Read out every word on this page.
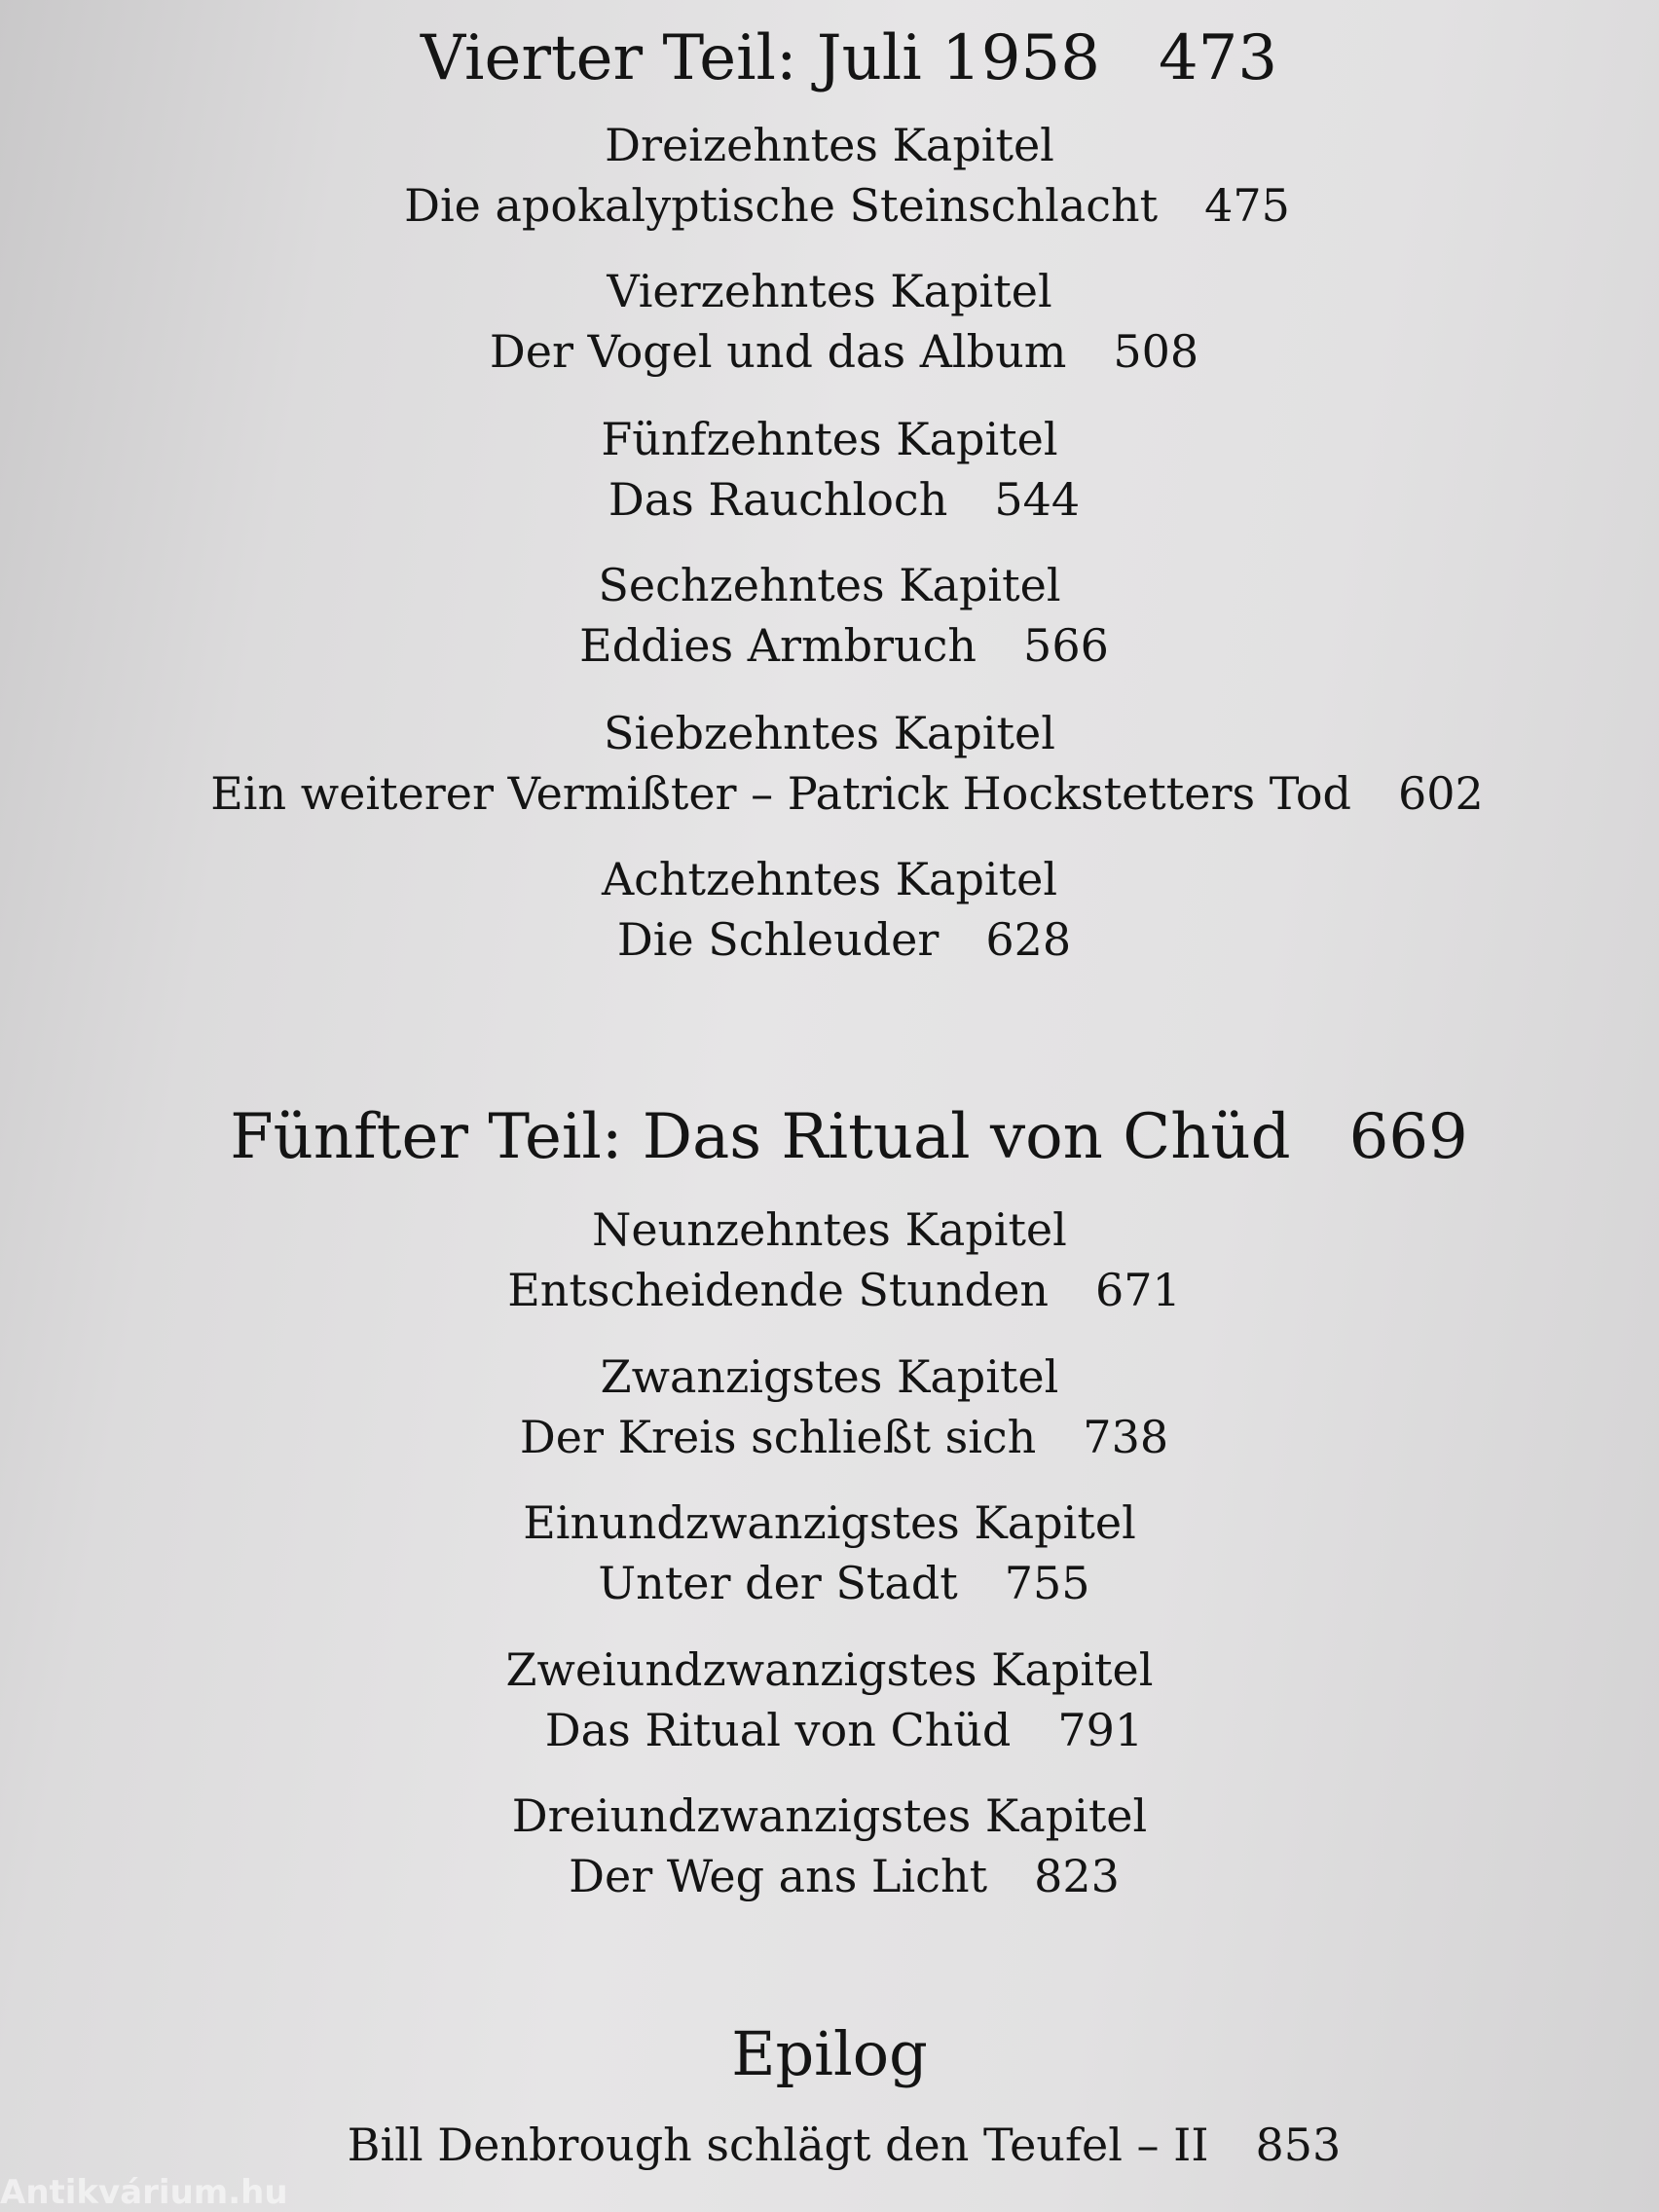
Vierter Teil: Juli 1958 473
Dreizehntes Kapitel
Die apokalyptische Steinschlacht 475
Vierzehntes Kapitel
Der Vogel und das Album 508
Fünfzehntes Kapitel
Das Rauchloch 544
Sechzehntes Kapitel
Eddies Armbruch 566
Siebzehntes Kapitel
Ein weiterer Vermißter – Patrick Hockstetters Tod 602
Achtzehntes Kapitel
Die Schleuder 628
Fünfter Teil: Das Ritual von Chüd 669
Neunzehntes Kapitel
Entscheidende Stunden 671
Zwanzigstes Kapitel
Der Kreis schließt sich 738
Einundzwanzigstes Kapitel
Unter der Stadt 755
Zweiundzwanzigstes Kapitel
Das Ritual von Chüd 791
Dreiundzwanzigstes Kapitel
Der Weg ans Licht 823
Epilog
Bill Denbrough schlägt den Teufel – II 853
Antikvárium.hu
